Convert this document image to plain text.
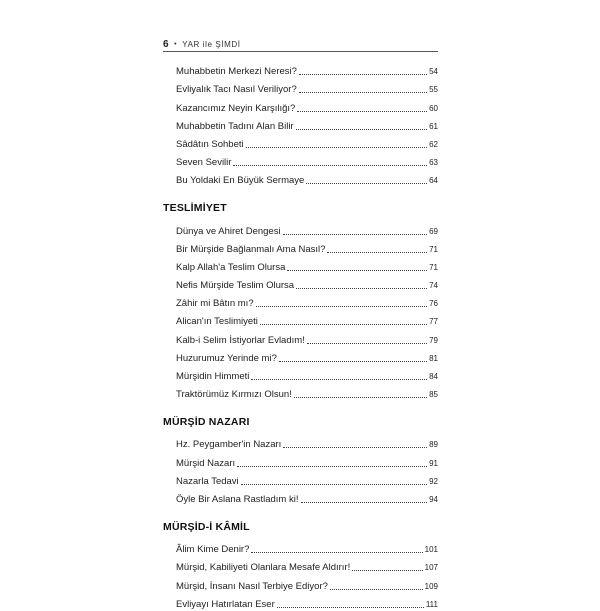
6 • YAR ile ŞİMDİ
Muhabbetin Merkezi Neresi?	54
Evliyalık Tacı Nasıl Veriliyor?	55
Kazancımız Neyin Karşılığı?	60
Muhabbetin Tadını Alan Bilir	61
Sâdâtın Sohbeti	62
Seven Sevilir	63
Bu Yoldaki En Büyük Sermaye	64
TESLİMİYET
Dünya ve Ahiret Dengesi	69
Bir Mürşide Bağlanmalı Ama Nasıl?	71
Kalp Allah'a Teslim Olursa	71
Nefis Mürşide Teslim Olursa	74
Zâhir mi Bâtın mı?	76
Alican'ın Teslimiyeti	77
Kalb-i Selim İstiyorlar Evladım!	79
Huzurumuz Yerinde mi?	81
Mürşidin Himmeti	84
Traktörümüz Kırmızı Olsun!	85
MÜRŞİD NAZARI
Hz. Peygamber'in Nazarı	89
Mürşid Nazarı	91
Nazarla Tedavi	92
Öyle Bir Aslana Rastladım ki!	94
MÜRŞİD-İ KÂMİL
Âlim Kime Denir?	101
Mürşid, Kabiliyeti Olanlara Mesafe Aldırır!	107
Mürşid, İnsanı Nasıl Terbiye Ediyor?	109
Evliyayı Hatırlatan Eser	111
